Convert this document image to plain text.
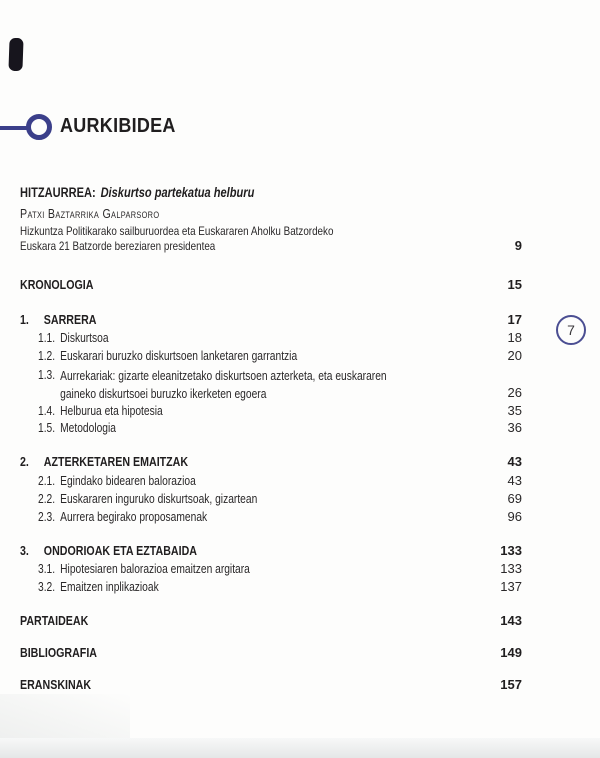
AURKIBIDEA
7
HITZAURREA: Diskurtso partekatua helburu
Patxi Baztarrika Galparsoro
Hizkuntza Politikarako sailburuordea eta Euskararen Aholku Batzordeko
Euskara 21 Batzorde bereziaren presidentea	9
KRONOLOGIA	15
1.	SARRERA	17
1.1. Diskurtsoa	18
1.2. Euskarari buruzko diskurtsoen lanketaren garrantzia	20
1.3. Aurrekariak: gizarte eleanitzetako diskurtsoen azterketa, eta euskararen
gaineko diskurtsoei buruzko ikerketen egoera	26
1.4. Helburua eta hipotesia	35
1.5. Metodologia	36
2.	AZTERKETAREN EMAITZAK	43
2.1. Egindako bidearen balorazioa	43
2.2. Euskararen inguruko diskurtsoak, gizartean	69
2.3. Aurrera begirako proposamenak	96
3.	ONDORIOAK ETA EZTABAIDA	133
3.1. Hipotesiaren balorazioa emaitzen argitara	133
3.2. Emaitzen inplikazioak	137
PARTAIDEAK	143
BIBLIOGRAFIA	149
ERANSKINAK	157
